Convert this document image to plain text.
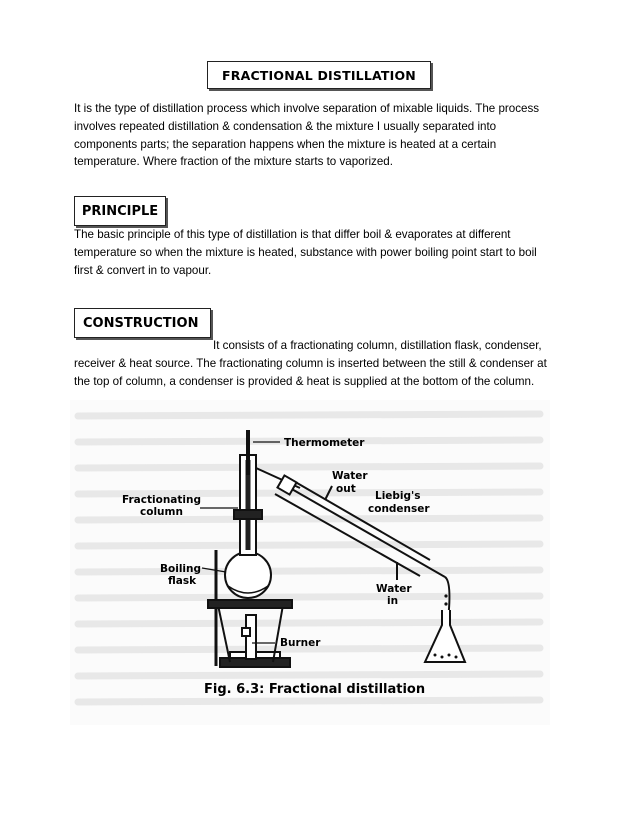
FRACTIONAL DISTILLATION

It is the type of distillation process which involve separation of mixable liquids. The process involves repeated distillation & condensation & the mixture I usually separated into components parts; the separation happens when the mixture is heated at a certain temperature. Where fraction of the mixture starts to vaporized.

PRINCIPLE

The basic principle of this type of distillation is that differ boil & evaporates at different temperature so when the mixture is heated, substance with power boiling point start to boil first & convert in to vapour.

CONSTRUCTION

It consists of a fractionating column, distillation flask, condenser,
receiver & heat source. The fractionating column is inserted between the still & condenser at the top of column, a condenser is provided & heat is supplied at the bottom of the column.

Thermometer
Water
out
Liebig's
condenser
Fractionating
column
Boiling
flask
Water
in
Burner
Fig. 6.3: Fractional distillation
